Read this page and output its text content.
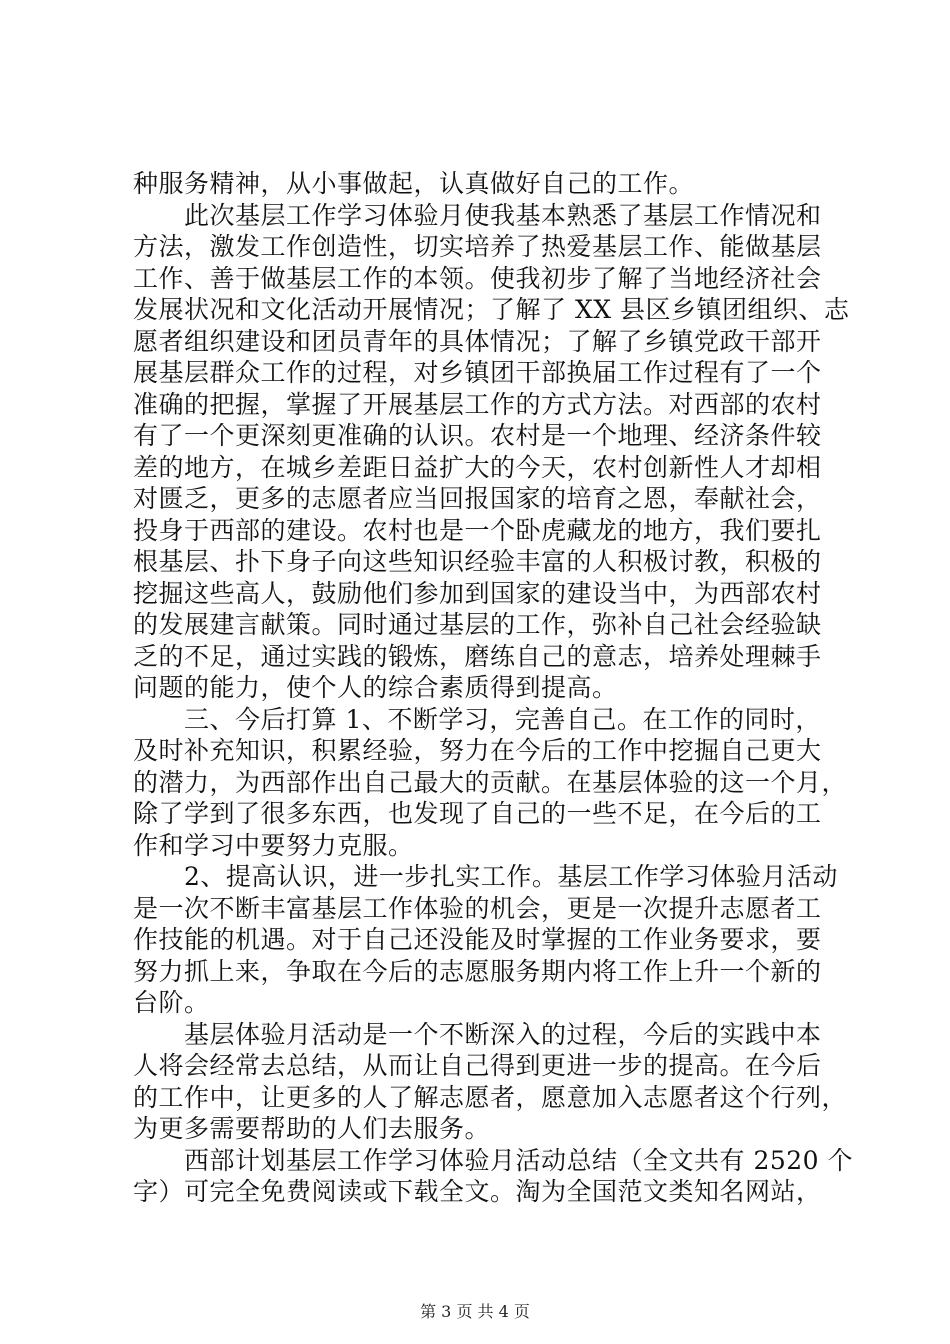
种服务精神，从小事做起，认真做好自己的工作。
　　此次基层工作学习体验月使我基本熟悉了基层工作情况和
方法，激发工作创造性，切实培养了热爱基层工作、能做基层
工作、善于做基层工作的本领。使我初步了解了当地经济社会
发展状况和文化活动开展情况；了解了 XX 县区乡镇团组织、志
愿者组织建设和团员青年的具体情况；了解了乡镇党政干部开
展基层群众工作的过程，对乡镇团干部换届工作过程有了一个
准确的把握，掌握了开展基层工作的方式方法。对西部的农村
有了一个更深刻更准确的认识。农村是一个地理、经济条件较
差的地方，在城乡差距日益扩大的今天，农村创新性人才却相
对匮乏，更多的志愿者应当回报国家的培育之恩，奉献社会，
投身于西部的建设。农村也是一个卧虎藏龙的地方，我们要扎
根基层、扑下身子向这些知识经验丰富的人积极讨教，积极的
挖掘这些高人，鼓励他们参加到国家的建设当中，为西部农村
的发展建言献策。同时通过基层的工作，弥补自己社会经验缺
乏的不足，通过实践的锻炼，磨练自己的意志，培养处理棘手
问题的能力，使个人的综合素质得到提高。
　　三、今后打算 1、不断学习，完善自己。在工作的同时，
及时补充知识，积累经验，努力在今后的工作中挖掘自己更大
的潜力，为西部作出自己最大的贡献。在基层体验的这一个月，
除了学到了很多东西，也发现了自己的一些不足，在今后的工
作和学习中要努力克服。
　　2、提高认识，进一步扎实工作。基层工作学习体验月活动
是一次不断丰富基层工作体验的机会，更是一次提升志愿者工
作技能的机遇。对于自己还没能及时掌握的工作业务要求，要
努力抓上来，争取在今后的志愿服务期内将工作上升一个新的
台阶。
　　基层体验月活动是一个不断深入的过程，今后的实践中本
人将会经常去总结，从而让自己得到更进一步的提高。在今后
的工作中，让更多的人了解志愿者，愿意加入志愿者这个行列，
为更多需要帮助的人们去服务。
　　西部计划基层工作学习体验月活动总结（全文共有 2520 个
字）可完全免费阅读或下载全文。淘为全国范文类知名网站，
第 3 页 共 4 页
